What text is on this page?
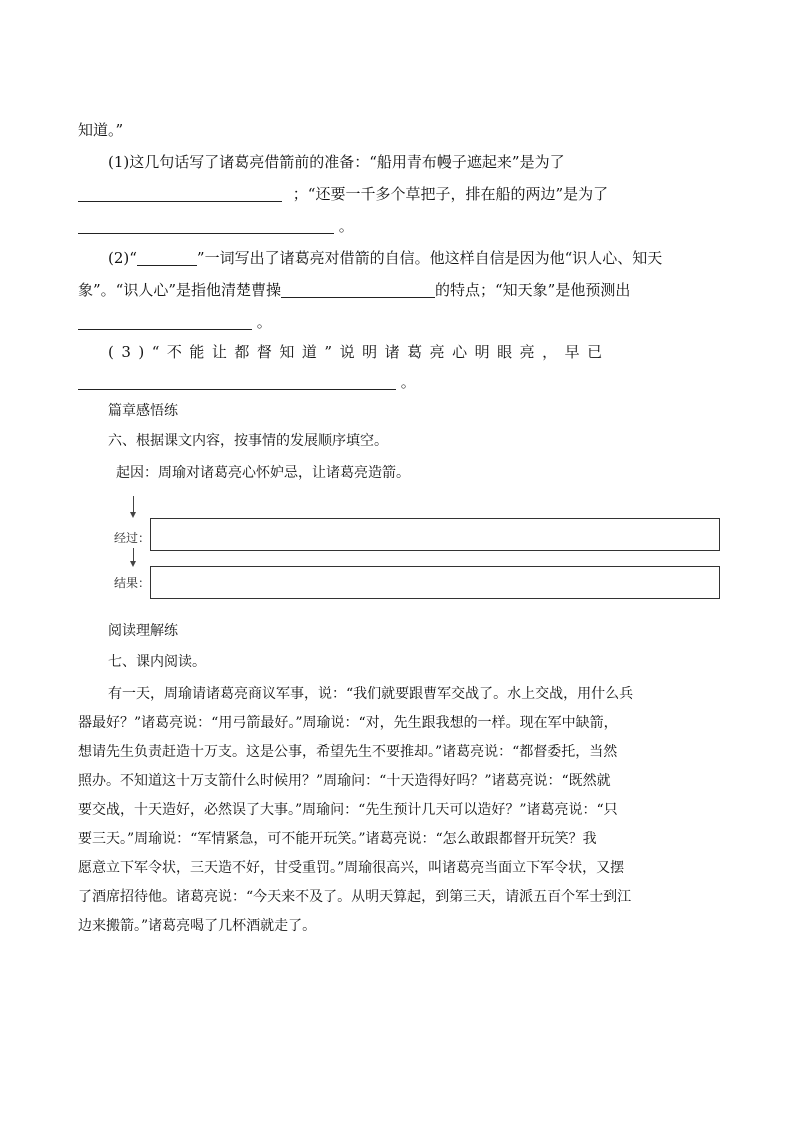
知道。”
(1)这几句话写了诸葛亮借箭前的准备：“船用青布幔子遮起来”是为了
；“还要一千多个草把子，排在船的两边”是为了
。
(2)“	”一词写出了诸葛亮对借箭的自信。他这样自信是因为他“识人心、知天
象”。“识人心”是指他清楚曹操	的特点；“知天象”是他预测出
。
(3)“不能让都督知道”说明诸葛亮心明眼亮，早已
。
篇章感悟练
六、根据课文内容，按事情的发展顺序填空。
起因：周瑜对诸葛亮心怀妒忌，让诸葛亮造箭。
经过：
结果：
阅读理解练
七、课内阅读。
有一天，周瑜请诸葛亮商议军事，说：“我们就要跟曹军交战了。水上交战，用什么兵
器最好？”诸葛亮说：“用弓箭最好。”周瑜说：“对，先生跟我想的一样。现在军中缺箭，
想请先生负责赶造十万支。这是公事，希望先生不要推却。”诸葛亮说：“都督委托，当然
照办。不知道这十万支箭什么时候用？”周瑜问：“十天造得好吗？”诸葛亮说：“既然就
要交战，十天造好，必然误了大事。”周瑜问：“先生预计几天可以造好？”诸葛亮说：“只
要三天。”周瑜说：“军情紧急，可不能开玩笑。”诸葛亮说：“怎么敢跟都督开玩笑？我
愿意立下军令状，三天造不好，甘受重罚。”周瑜很高兴，叫诸葛亮当面立下军令状，又摆
了酒席招待他。诸葛亮说：“今天来不及了。从明天算起，到第三天，请派五百个军士到江
边来搬箭。”诸葛亮喝了几杯酒就走了。
